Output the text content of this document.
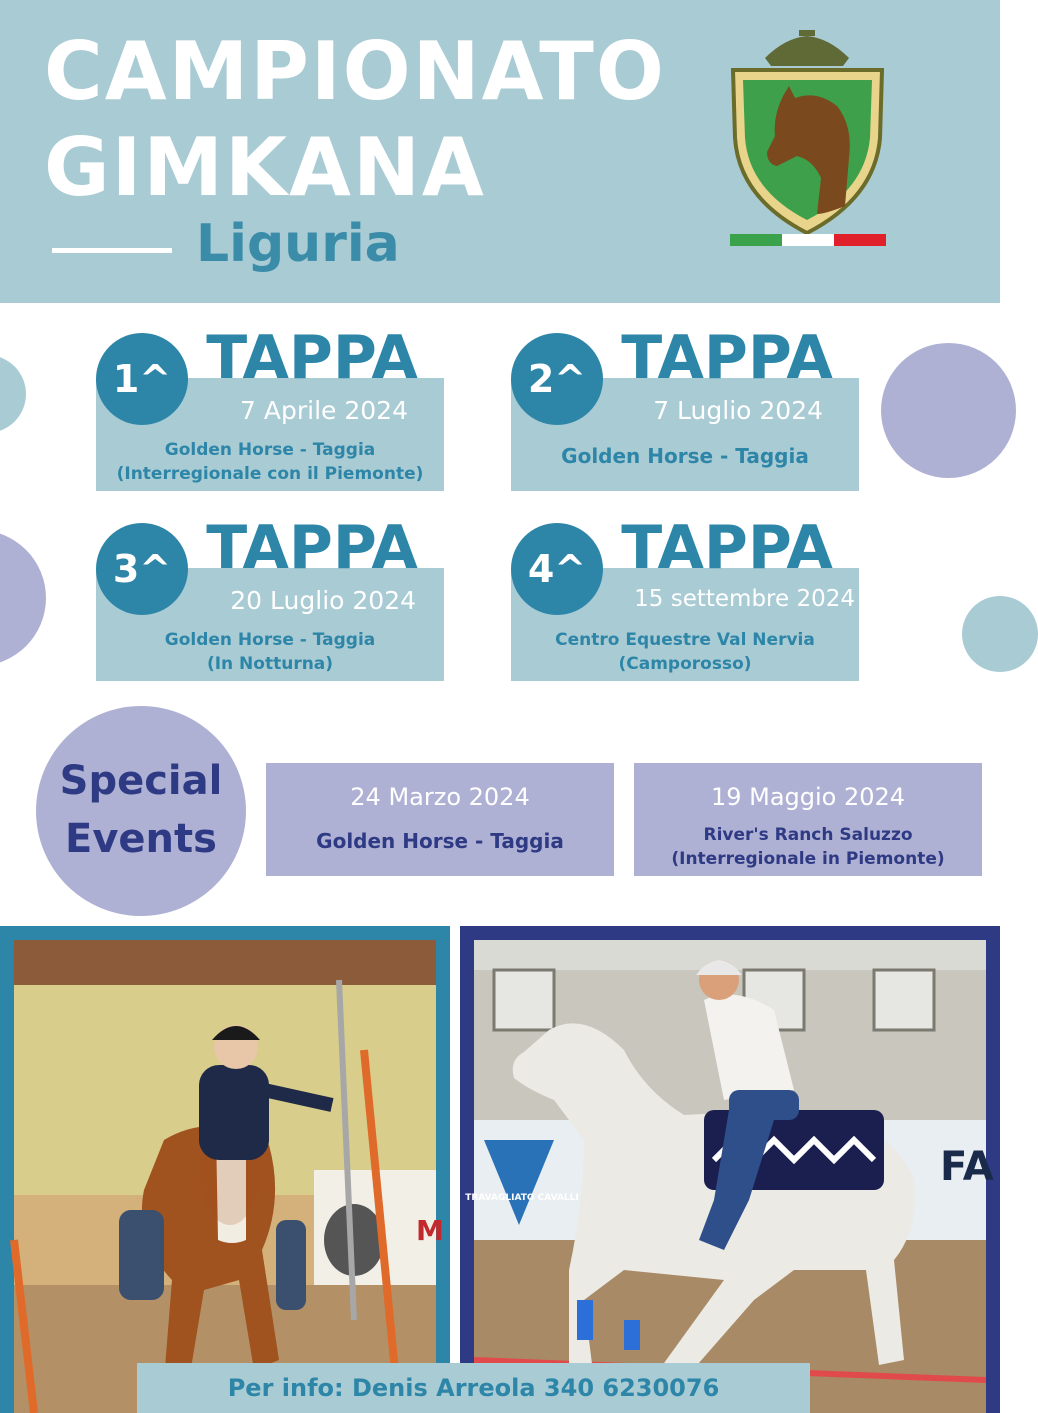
CAMPIONATO
GIMKANA
Liguria
7 Aprile 2024
Golden Horse - Taggia
(Interregionale con il Piemonte)
TAPPA
1^
7 Luglio 2024
Golden Horse - Taggia
TAPPA
2^
20 Luglio 2024
Golden Horse - Taggia
(In Notturna)
TAPPA
3^
15 settembre 2024
Centro Equestre Val Nervia
(Camporosso)
TAPPA
4^
Special
Events
24 Marzo 2024
Golden Horse - Taggia
19 Maggio 2024
River's Ranch Saluzzo
(Interregionale in Piemonte)
M
TRAVAGLIATO CAVALLI
FA
Per info: Denis Arreola 340 6230076
